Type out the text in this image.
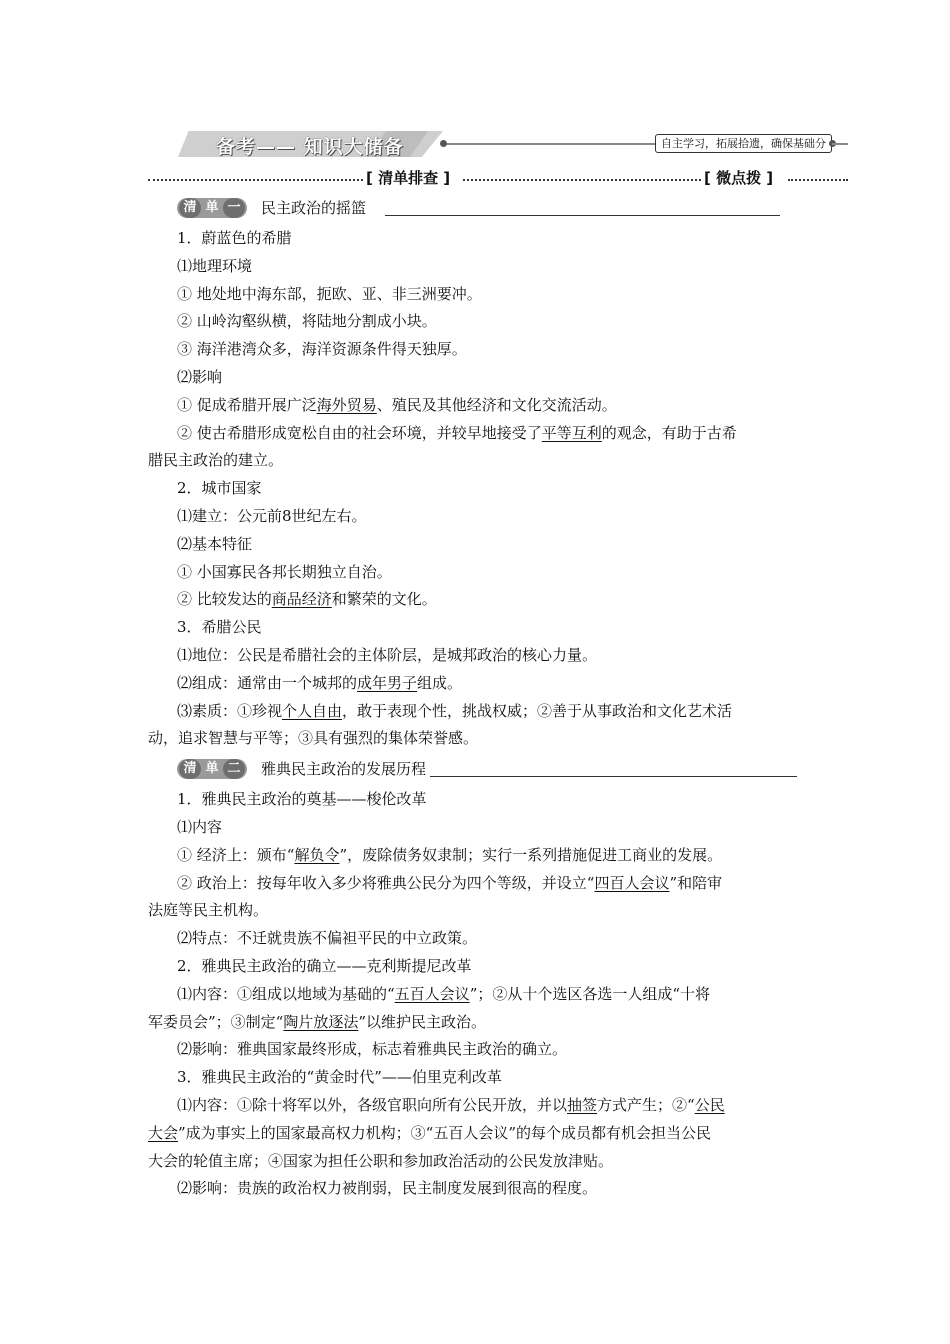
备考—— 知识大储备	自主学习，拓展拾遗，确保基础分
[ 清单排查 ]	[ 微点拨 ]
清 单 一	民主政治的摇篮
1．蔚蓝色的希腊
⑴地理环境
① 地处地中海东部，扼欧、亚、非三洲要冲。
② 山岭沟壑纵横，将陆地分割成小块。
③ 海洋港湾众多，海洋资源条件得天独厚。
⑵影响
① 促成希腊开展广泛海外贸易、殖民及其他经济和文化交流活动。
② 使古希腊形成宽松自由的社会环境，并较早地接受了平等互利的观念，有助于古希
腊民主政治的建立。
2．城市国家
⑴建立：公元前8世纪左右。
⑵基本特征
① 小国寡民各邦长期独立自治。
② 比较发达的商品经济和繁荣的文化。
3．希腊公民
⑴地位：公民是希腊社会的主体阶层，是城邦政治的核心力量。
⑵组成：通常由一个城邦的成年男子组成。
⑶素质：①珍视个人自由，敢于表现个性，挑战权威；②善于从事政治和文化艺术活
动，追求智慧与平等；③具有强烈的集体荣誉感。
清 单 二	雅典民主政治的发展历程
1．雅典民主政治的奠基——梭伦改革
⑴内容
① 经济上：颁布“解负令”，废除债务奴隶制；实行一系列措施促进工商业的发展。
② 政治上：按每年收入多少将雅典公民分为四个等级，并设立“四百人会议”和陪审
法庭等民主机构。
⑵特点：不迁就贵族不偏袒平民的中立政策。
2．雅典民主政治的确立——克利斯提尼改革
⑴内容：①组成以地域为基础的“五百人会议”；②从十个选区各选一人组成“十将
军委员会”；③制定“陶片放逐法”以维护民主政治。
⑵影响：雅典国家最终形成，标志着雅典民主政治的确立。
3．雅典民主政治的“黄金时代”——伯里克利改革
⑴内容：①除十将军以外，各级官职向所有公民开放，并以抽签方式产生；②“公民
大会”成为事实上的国家最高权力机构；③“五百人会议”的每个成员都有机会担当公民
大会的轮值主席；④国家为担任公职和参加政治活动的公民发放津贴。
⑵影响：贵族的政治权力被削弱，民主制度发展到很高的程度。
